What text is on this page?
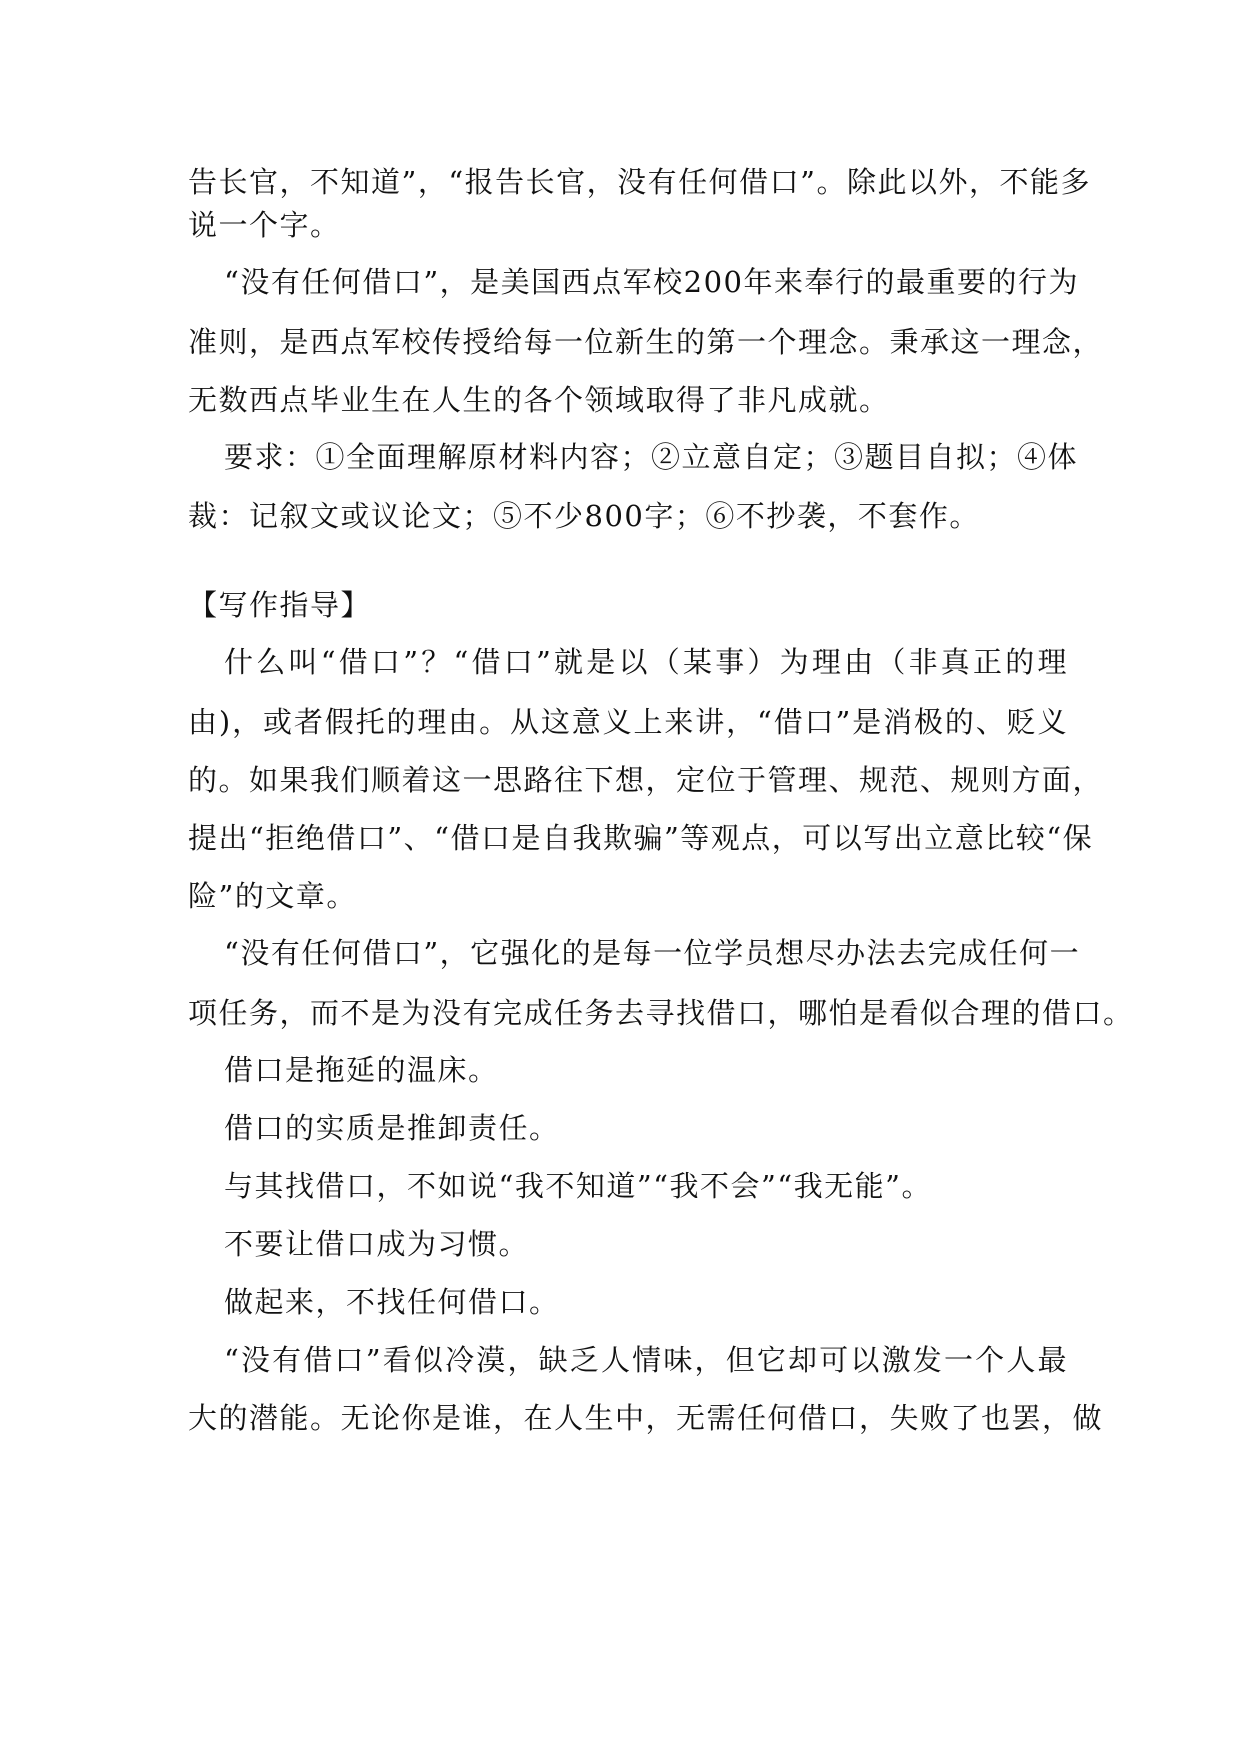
告长官，不知道”，“报告长官，没有任何借口”。除此以外，不能多
说一个字。
“没有任何借口”，是美国西点军校200年来奉行的最重要的行为
准则，是西点军校传授给每一位新生的第一个理念。秉承这一理念，
无数西点毕业生在人生的各个领域取得了非凡成就。
要求：①全面理解原材料内容；②立意自定；③题目自拟；④体
裁：记叙文或议论文；⑤不少800字；⑥不抄袭，不套作。
【写作指导】
什么叫“借口”？“借口”就是以（某事）为理由（非真正的理
由)，或者假托的理由。从这意义上来讲，“借口”是消极的、贬义
的。如果我们顺着这一思路往下想，定位于管理、规范、规则方面，
提出“拒绝借口”、“借口是自我欺骗”等观点，可以写出立意比较“保
险”的文章。
“没有任何借口”，它强化的是每一位学员想尽办法去完成任何一
项任务，而不是为没有完成任务去寻找借口，哪怕是看似合理的借口。
借口是拖延的温床。
借口的实质是推卸责任。
与其找借口，不如说“我不知道”“我不会”“我无能”。
不要让借口成为习惯。
做起来，不找任何借口。
“没有借口”看似冷漠，缺乏人情味，但它却可以激发一个人最
大的潜能。无论你是谁，在人生中，无需任何借口，失败了也罢，做
